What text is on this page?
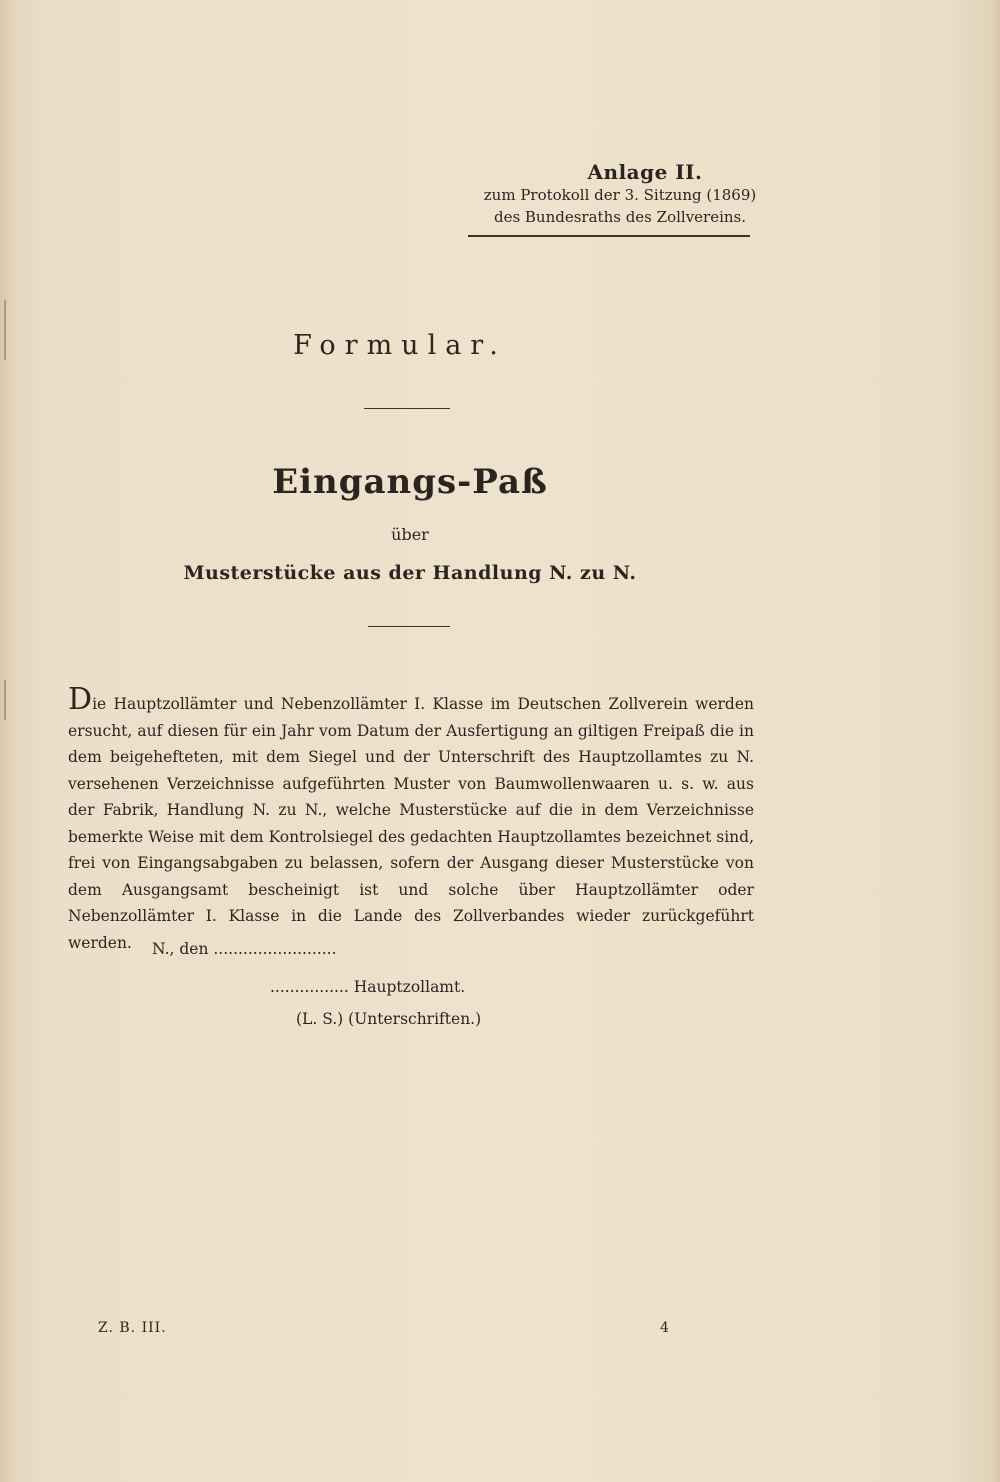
Anlage II.
zum Protokoll der 3. Sitzung (1869)
des Bundesraths des Zollvereins.
Formular.
Eingangs-Paß
über
Musterstücke aus der Handlung N. zu N.
Die Hauptzollämter und Nebenzollämter I. Klasse im Deutschen Zollverein werden ersucht, auf diesen für ein Jahr vom Datum der Ausfertigung an giltigen Freipaß die in dem beigehefteten, mit dem Siegel und der Unterschrift des Hauptzollamtes zu N. versehenen Verzeichnisse aufgeführten Muster von Baumwollenwaaren u. s. w. aus der Fabrik, Handlung N. zu N., welche Musterstücke auf die in dem Verzeichnisse bemerkte Weise mit dem Kontrolsiegel des gedachten Hauptzollamtes bezeichnet sind, frei von Eingangsabgaben zu belassen, sofern der Ausgang dieser Musterstücke von dem Ausgangsamt bescheinigt ist und solche über Hauptzollämter oder Nebenzollämter I. Klasse in die Lande des Zollverbandes wieder zurückgeführt werden.	N., den .........................
................ Hauptzollamt.
(L. S.) (Unterschriften.)
Z. B. III.	4
